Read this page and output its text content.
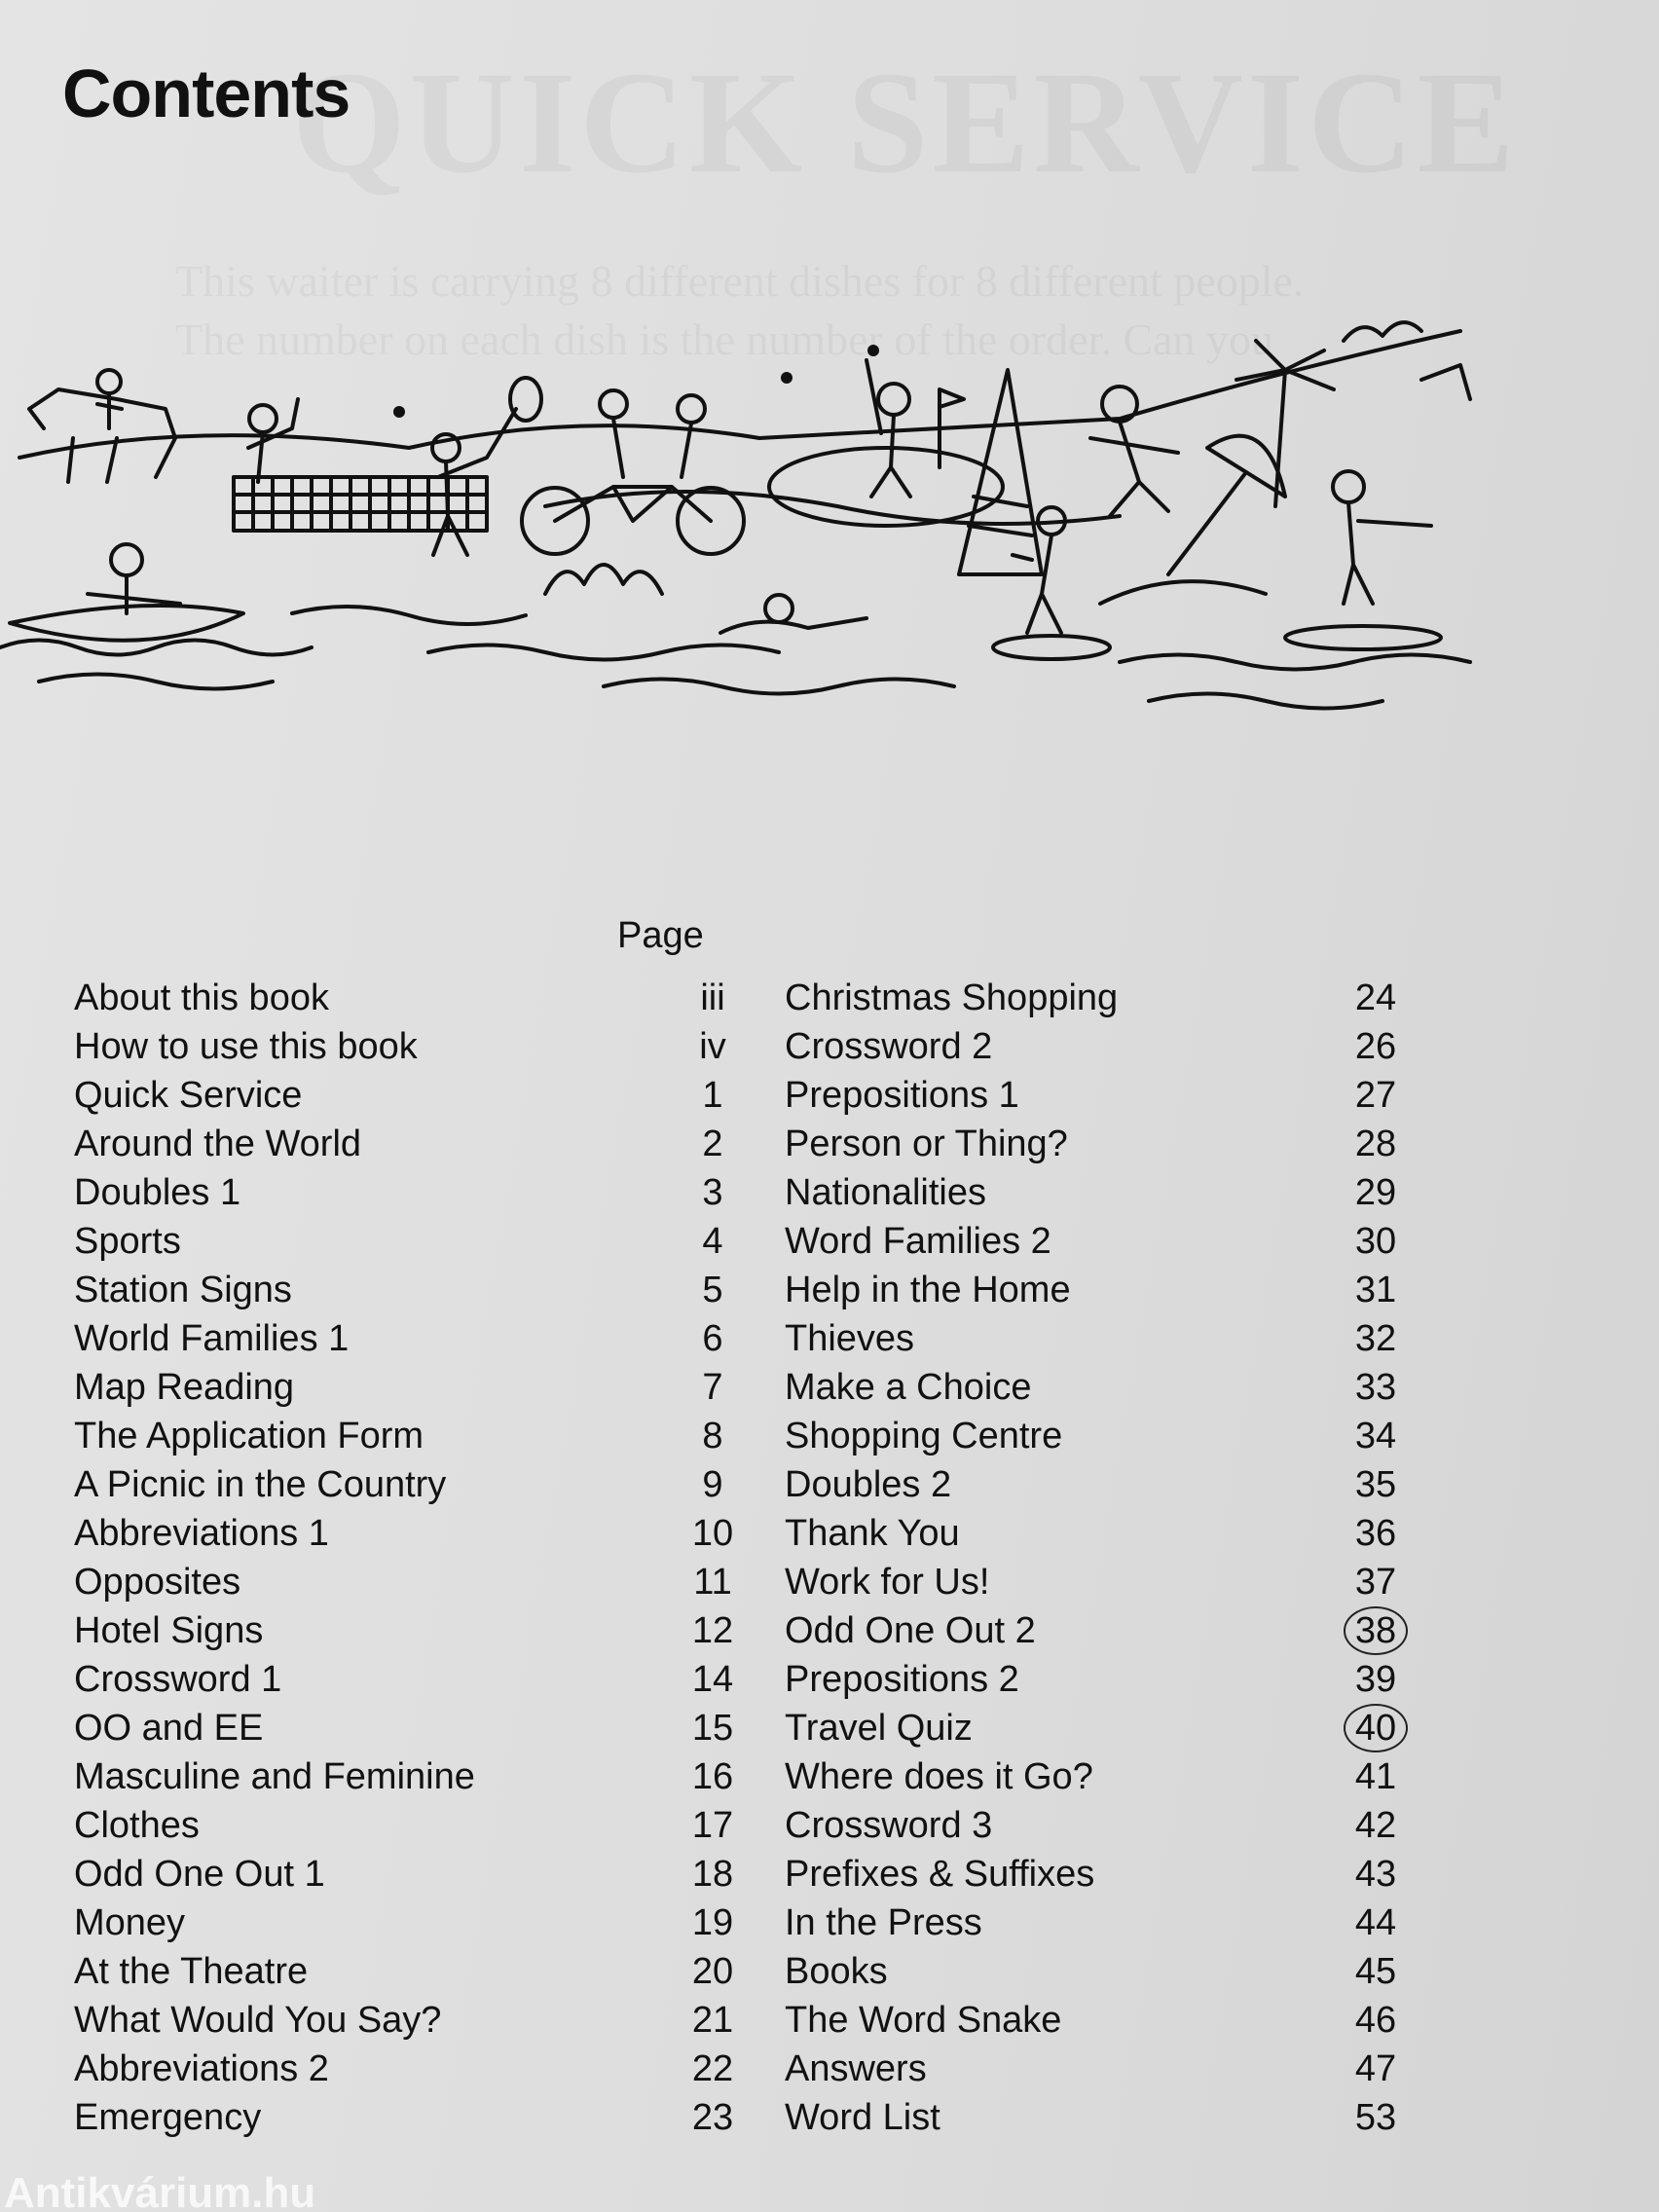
Contents
Page
About this book	iii
How to use this book	iv
Quick Service	1
Around the World	2
Doubles 1	3
Sports	4
Station Signs	5
World Families 1	6
Map Reading	7
The Application Form	8
A Picnic in the Country	9
Abbreviations 1	10
Opposites	11
Hotel Signs	12
Crossword 1	14
OO and EE	15
Masculine and Feminine	16
Clothes	17
Odd One Out 1	18
Money	19
At the Theatre	20
What Would You Say?	21
Abbreviations 2	22
Emergency	23
Christmas Shopping	24
Crossword 2	26
Prepositions 1	27
Person or Thing?	28
Nationalities	29
Word Families 2	30
Help in the Home	31
Thieves	32
Make a Choice	33
Shopping Centre	34
Doubles 2	35
Thank You	36
Work for Us!	37
Odd One Out 2	38
Prepositions 2	39
Travel Quiz	40
Where does it Go?	41
Crossword 3	42
Prefixes & Suffixes	43
In the Press	44
Books	45
The Word Snake	46
Answers	47
Word List	53
Antikvárium.hu
